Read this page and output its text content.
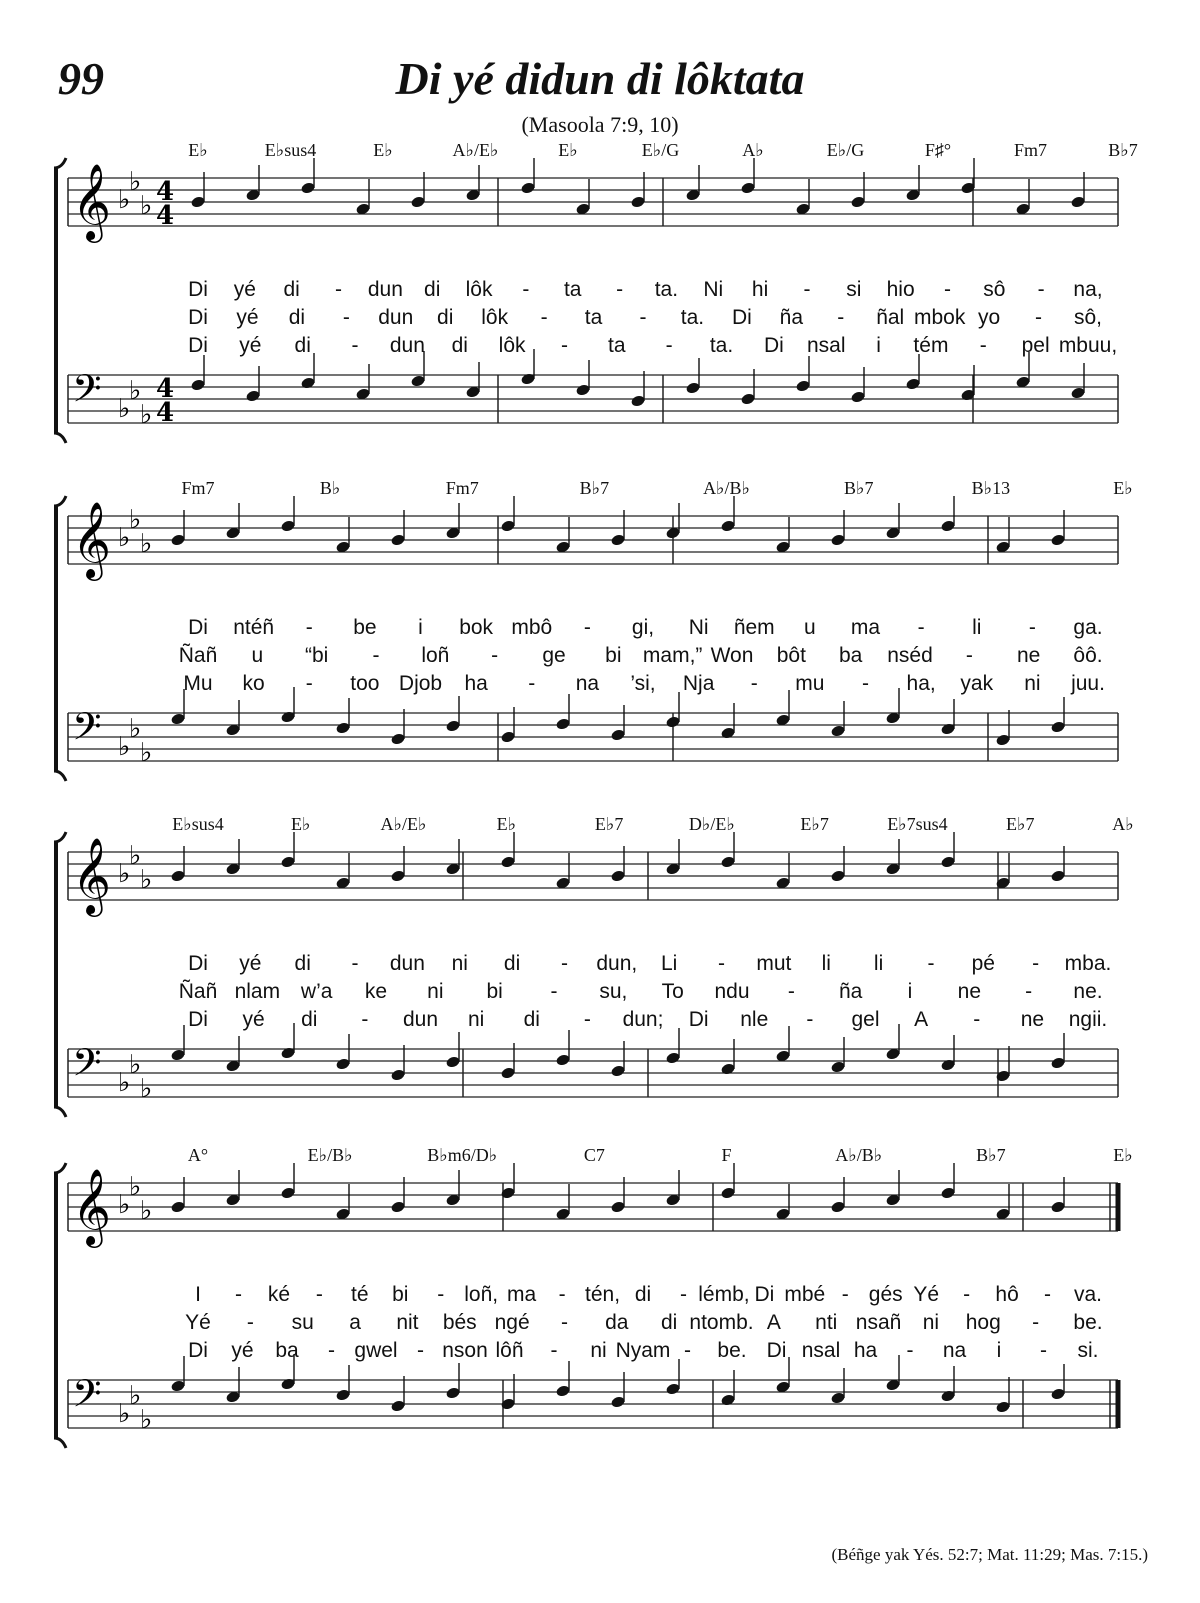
99	Di yé didun di lôktata
(Masoola 7:9, 10)
𝄞
𝄢
♭
♭
♭
♭
♭
♭
4
4
4
4
E♭	E♭sus4	E♭	A♭/E♭	E♭	E♭/G	A♭	E♭/G	F♯°	Fm7	B♭7
Di yé di - dun di lôk - ta - ta. Ni hi - si hio - sô - na,
Di yé di - dun di lôk - ta - ta. Di ña - ñal mbok yo - sô,
Di yé di - dun di lôk - ta - ta. Di nsal i tém - pel mbuu,
𝄞
𝄢
♭
♭
♭
♭
♭
♭
Fm7	B♭	Fm7	B♭7	A♭/B♭	B♭7	B♭13	E♭
Di ntéñ - be i bok mbô - gi, Ni ñem u ma - li - ga.
Ñañ u “bi - loñ - ge bi mam,” Won bôt ba nséd - ne ôô.
Mu ko - too Djob ha - na ’si, Nja - mu - ha, yak ni juu.
𝄞
𝄢
♭
♭
♭
♭
♭
♭
E♭sus4	E♭	A♭/E♭	E♭	E♭7	D♭/E♭	E♭7	E♭7sus4	E♭7	A♭
Di yé di - dun ni di - dun, Li - mut li li - pé - mba.
Ñañ nlam w’a ke ni bi - su, To ndu - ña i ne - ne.
Di yé di - dun ni di - dun; Di nle - gel A - ne ngii.
𝄞
𝄢
♭
♭
♭
♭
♭
♭
A°	E♭/B♭	B♭m6/D♭	C7	F	A♭/B♭	B♭7	E♭
I - ké - té bi - loñ, ma - tén, di - lémb, Di mbé - gés Yé - hô - va.
Yé - su a nit bés ngé - da di ntomb. A nti nsañ ni hog - be.
Di yé ba - gwel - nson lôñ - ni Nyam - be. Di nsal ha - na i - si.
(Béñge yak Yés. 52:7; Mat. 11:29; Mas. 7:15.)
